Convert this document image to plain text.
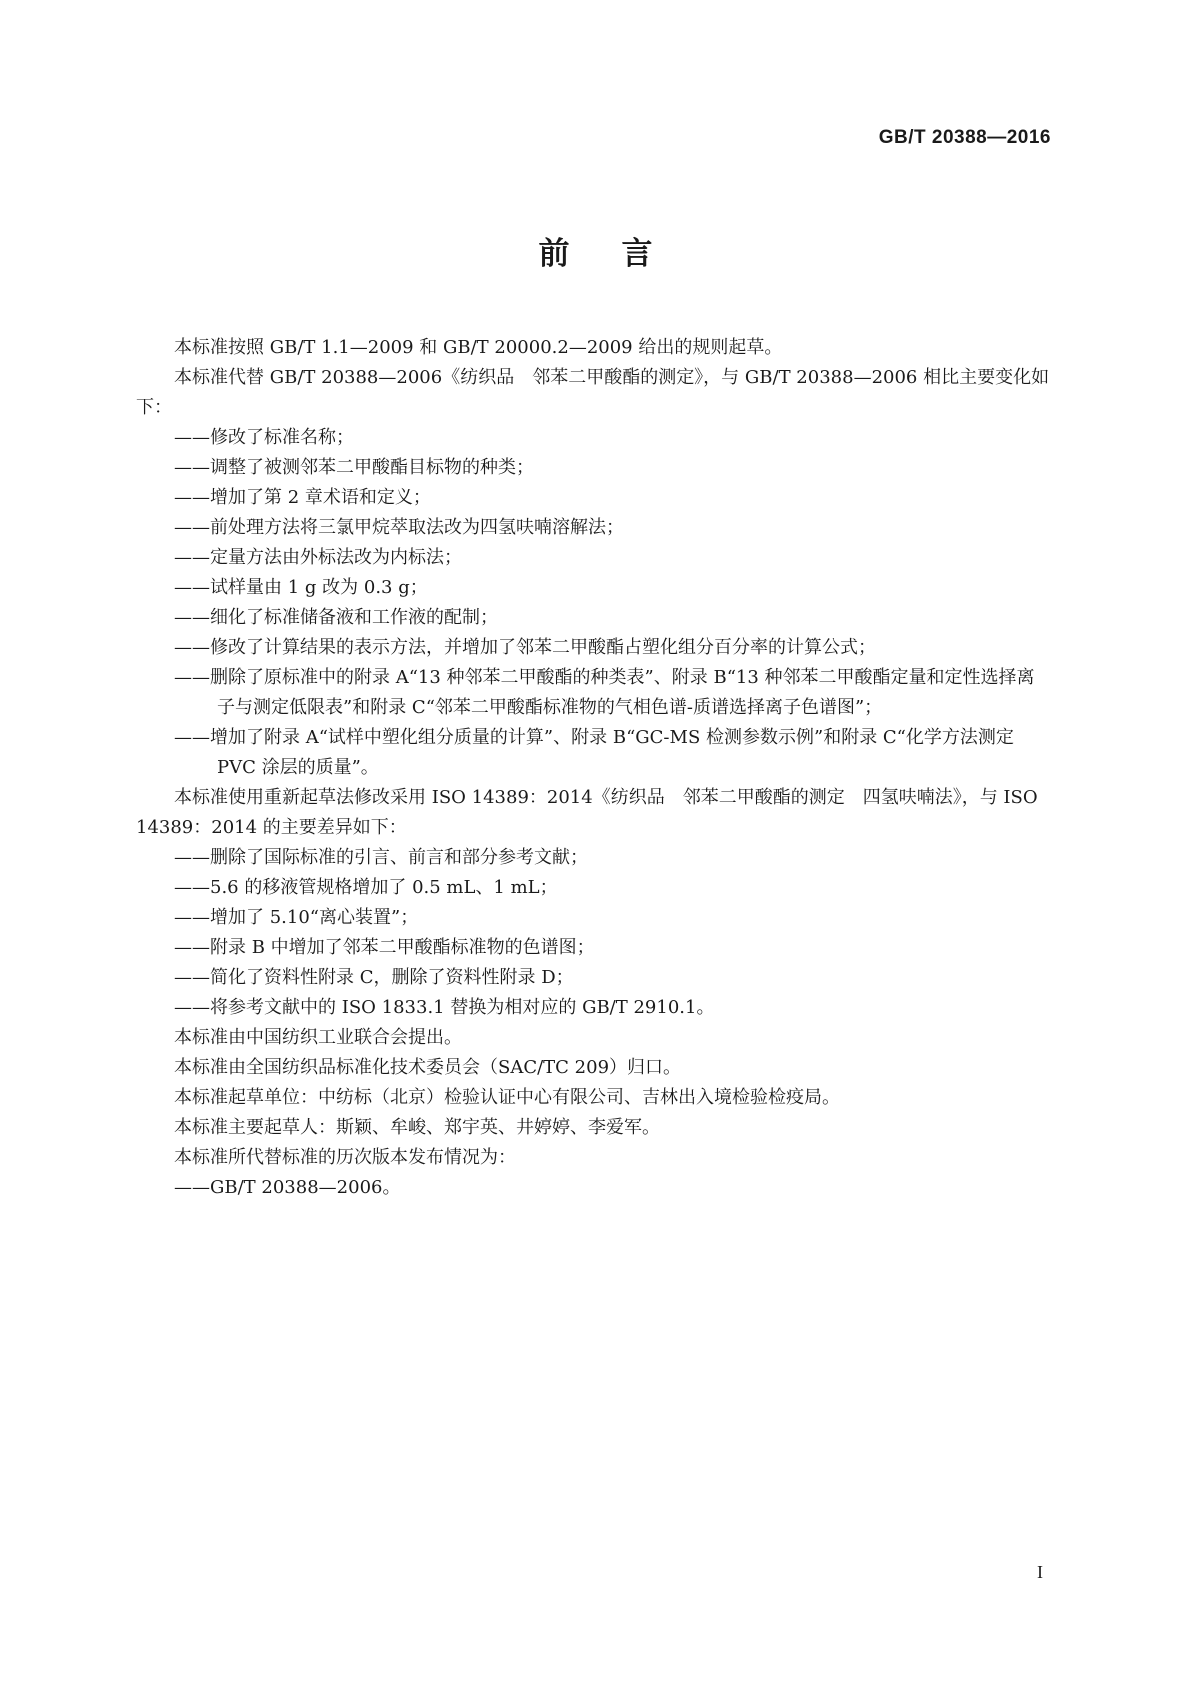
GB/T 20388—2016
前 言

本标准按照 GB/T 1.1—2009 和 GB/T 20000.2—2009 给出的规则起草。

本标准代替 GB/T 20388—2006《纺织品　邻苯二甲酸酯的测定》，与 GB/T 20388—2006 相比主要变化如下：

——修改了标准名称；

——调整了被测邻苯二甲酸酯目标物的种类；

——增加了第 2 章术语和定义；

——前处理方法将三氯甲烷萃取法改为四氢呋喃溶解法；

——定量方法由外标法改为内标法；

——试样量由 1 g 改为 0.3 g；

——细化了标准储备液和工作液的配制；

——修改了计算结果的表示方法，并增加了邻苯二甲酸酯占塑化组分百分率的计算公式；

——删除了原标准中的附录 A“13 种邻苯二甲酸酯的种类表”、附录 B“13 种邻苯二甲酸酯定量和定性选择离子与测定低限表”和附录 C“邻苯二甲酸酯标准物的气相色谱-质谱选择离子色谱图”；

——增加了附录 A“试样中塑化组分质量的计算”、附录 B“GC-MS 检测参数示例”和附录 C“化学方法测定 PVC 涂层的质量”。

本标准使用重新起草法修改采用 ISO 14389：2014《纺织品　邻苯二甲酸酯的测定　四氢呋喃法》，与 ISO 14389：2014 的主要差异如下：

——删除了国际标准的引言、前言和部分参考文献；

——5.6 的移液管规格增加了 0.5 mL、1 mL；

——增加了 5.10“离心装置”；

——附录 B 中增加了邻苯二甲酸酯标准物的色谱图；

——简化了资料性附录 C，删除了资料性附录 D；

——将参考文献中的 ISO 1833.1 替换为相对应的 GB/T 2910.1。

本标准由中国纺织工业联合会提出。

本标准由全国纺织品标准化技术委员会（SAC/TC 209）归口。

本标准起草单位：中纺标（北京）检验认证中心有限公司、吉林出入境检验检疫局。

本标准主要起草人：斯颖、牟峻、郑宇英、井婷婷、李爱军。

本标准所代替标准的历次版本发布情况为：

——GB/T 20388—2006。

I
